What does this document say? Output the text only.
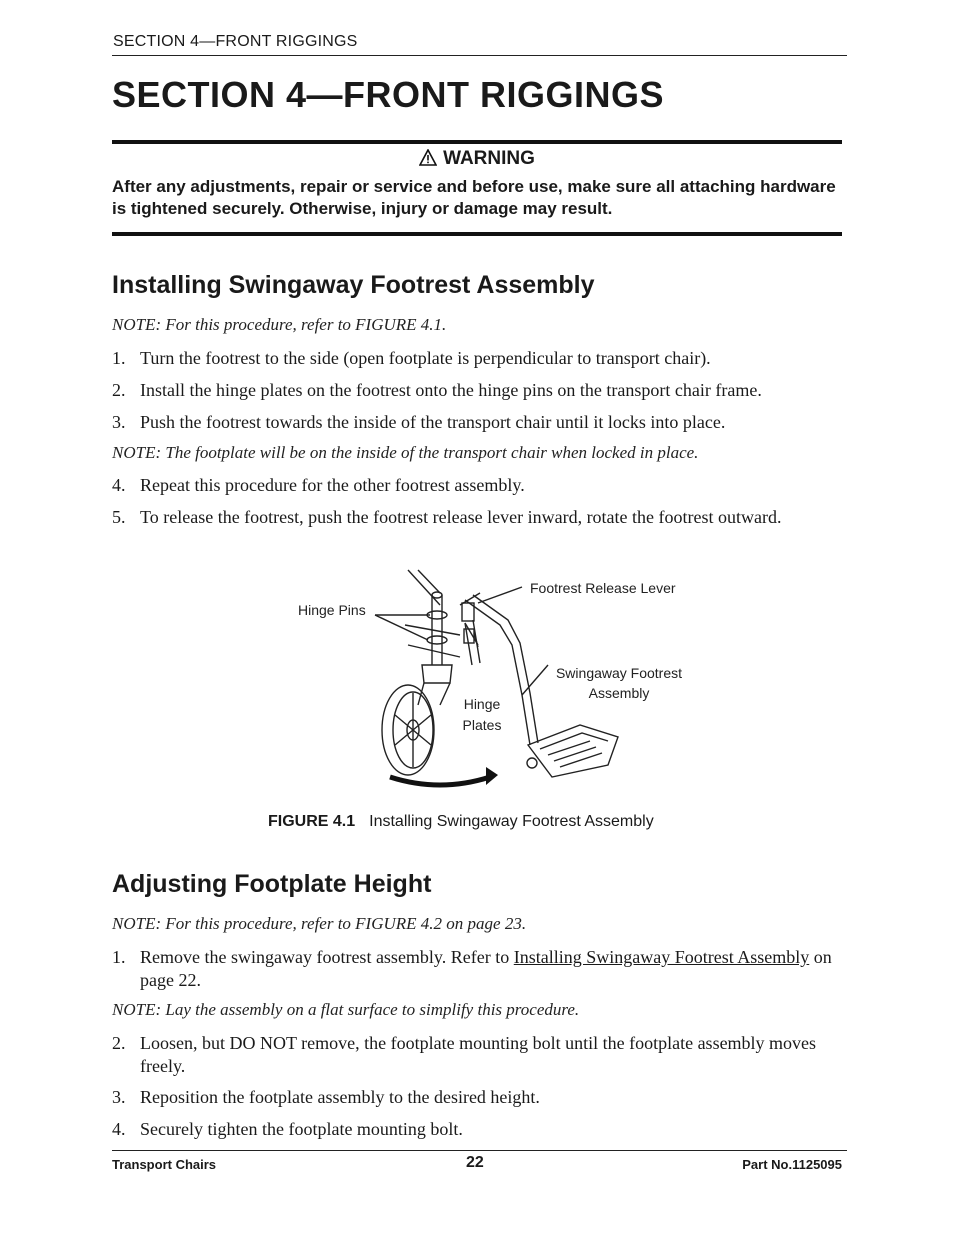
SECTION 4—FRONT RIGGINGS
SECTION 4—FRONT RIGGINGS
WARNING
After any adjustments, repair or service and before use, make sure all attaching hardware is tightened securely. Otherwise, injury or damage may result.
Installing Swingaway Footrest Assembly
NOTE: For this procedure, refer to FIGURE 4.1.
1. Turn the footrest to the side (open footplate is perpendicular to transport chair).
2. Install the hinge plates on the footrest onto the hinge pins on the transport chair frame.
3. Push the footrest towards the inside of the transport chair until it locks into place.
NOTE: The footplate will be on the inside of the transport chair when locked in place.
4. Repeat this procedure for the other footrest assembly.
5. To release the footrest, push the footrest release lever inward, rotate the footrest outward.
Hinge Pins
Footrest Release Lever
Swingaway Footrest
Assembly
Hinge
Plates
FIGURE 4.1 Installing Swingaway Footrest Assembly
Adjusting Footplate Height
NOTE: For this procedure, refer to FIGURE 4.2 on page 23.
1. Remove the swingaway footrest assembly. Refer to Installing Swingaway Footrest Assembly on page 22.
NOTE: Lay the assembly on a flat surface to simplify this procedure.
2. Loosen, but DO NOT remove, the footplate mounting bolt until the footplate assembly moves freely.
3. Reposition the footplate assembly to the desired height.
4. Securely tighten the footplate mounting bolt.
Transport Chairs	22	Part No.1125095
